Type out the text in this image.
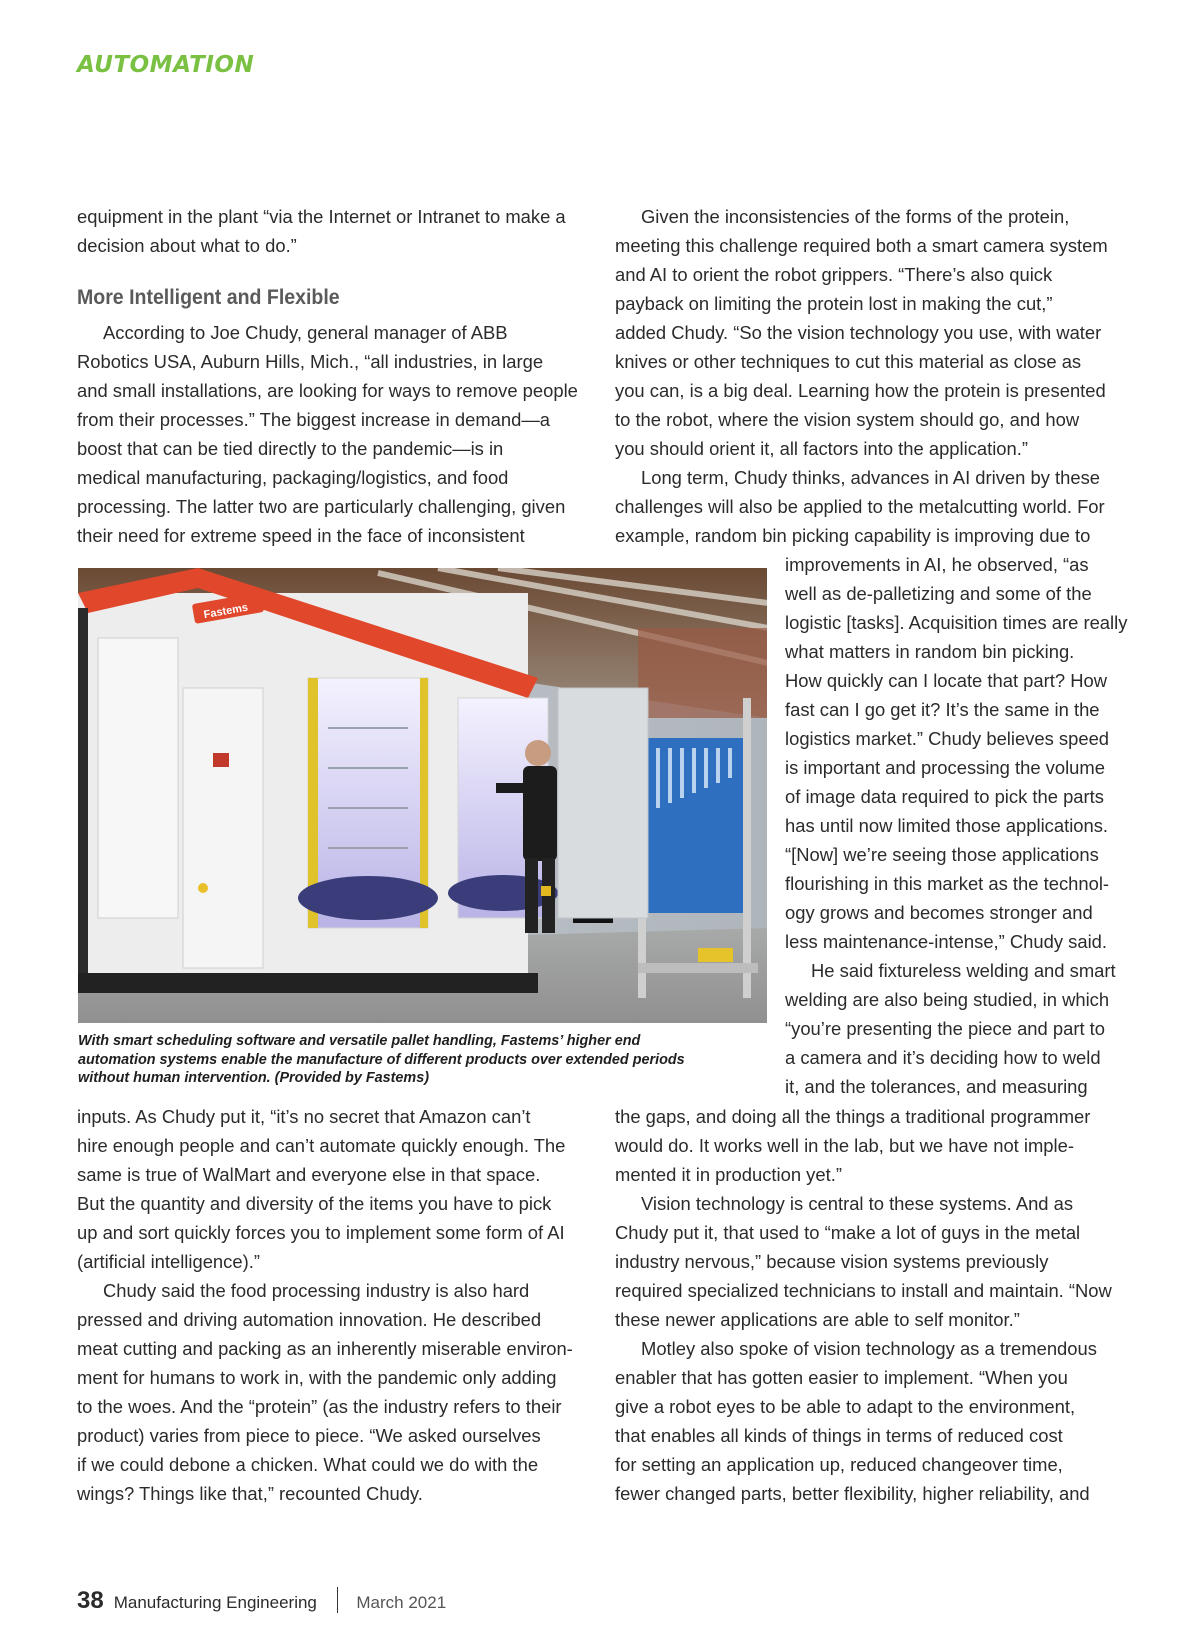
AUTOMATION
equipment in the plant “via the Internet or Intranet to make a
decision about what to do.”
More Intelligent and Flexible
According to Joe Chudy, general manager of ABB
Robotics USA, Auburn Hills, Mich., “all industries, in large
and small installations, are looking for ways to remove people
from their processes.” The biggest increase in demand—a
boost that can be tied directly to the pandemic—is in
medical manufacturing, packaging/logistics, and food
processing. The latter two are particularly challenging, given
their need for extreme speed in the face of inconsistent
inputs. As Chudy put it, “it’s no secret that Amazon can’t
hire enough people and can’t automate quickly enough. The
same is true of WalMart and everyone else in that space.
But the quantity and diversity of the items you have to pick
up and sort quickly forces you to implement some form of AI
(artificial intelligence).”
Chudy said the food processing industry is also hard
pressed and driving automation innovation. He described
meat cutting and packing as an inherently miserable environ-
ment for humans to work in, with the pandemic only adding
to the woes. And the “protein” (as the industry refers to their
product) varies from piece to piece. “We asked ourselves
if we could debone a chicken. What could we do with the
wings? Things like that,” recounted Chudy.
Given the inconsistencies of the forms of the protein,
meeting this challenge required both a smart camera system
and AI to orient the robot grippers. “There’s also quick
payback on limiting the protein lost in making the cut,”
added Chudy. “So the vision technology you use, with water
knives or other techniques to cut this material as close as
you can, is a big deal. Learning how the protein is presented
to the robot, where the vision system should go, and how
you should orient it, all factors into the application.”
Long term, Chudy thinks, advances in AI driven by these
challenges will also be applied to the metalcutting world. For
example, random bin picking capability is improving due to
improvements in AI, he observed, “as
well as de-palletizing and some of the
logistic [tasks]. Acquisition times are really
what matters in random bin picking.
How quickly can I locate that part? How
fast can I go get it? It’s the same in the
logistics market.” Chudy believes speed
is important and processing the volume
of image data required to pick the parts
has until now limited those applications.
“[Now] we’re seeing those applications
flourishing in this market as the technol-
ogy grows and becomes stronger and
less maintenance-intense,” Chudy said.
He said fixtureless welding and smart
welding are also being studied, in which
“you’re presenting the piece and part to
a camera and it’s deciding how to weld
it, and the tolerances, and measuring
the gaps, and doing all the things a traditional programmer
would do. It works well in the lab, but we have not imple-
mented it in production yet.”
Vision technology is central to these systems. And as
Chudy put it, that used to “make a lot of guys in the metal
industry nervous,” because vision systems previously
required specialized technicians to install and maintain. “Now
these newer applications are able to self monitor.”
Motley also spoke of vision technology as a tremendous
enabler that has gotten easier to implement. “When you
give a robot eyes to be able to adapt to the environment,
that enables all kinds of things in terms of reduced cost
for setting an application up, reduced changeover time,
fewer changed parts, better flexibility, higher reliability, and
Fastems
With smart scheduling software and versatile pallet handling, Fastems’ higher end
automation systems enable the manufacture of different products over extended periods
without human intervention. (Provided by Fastems)
38 Manufacturing Engineering March 2021
